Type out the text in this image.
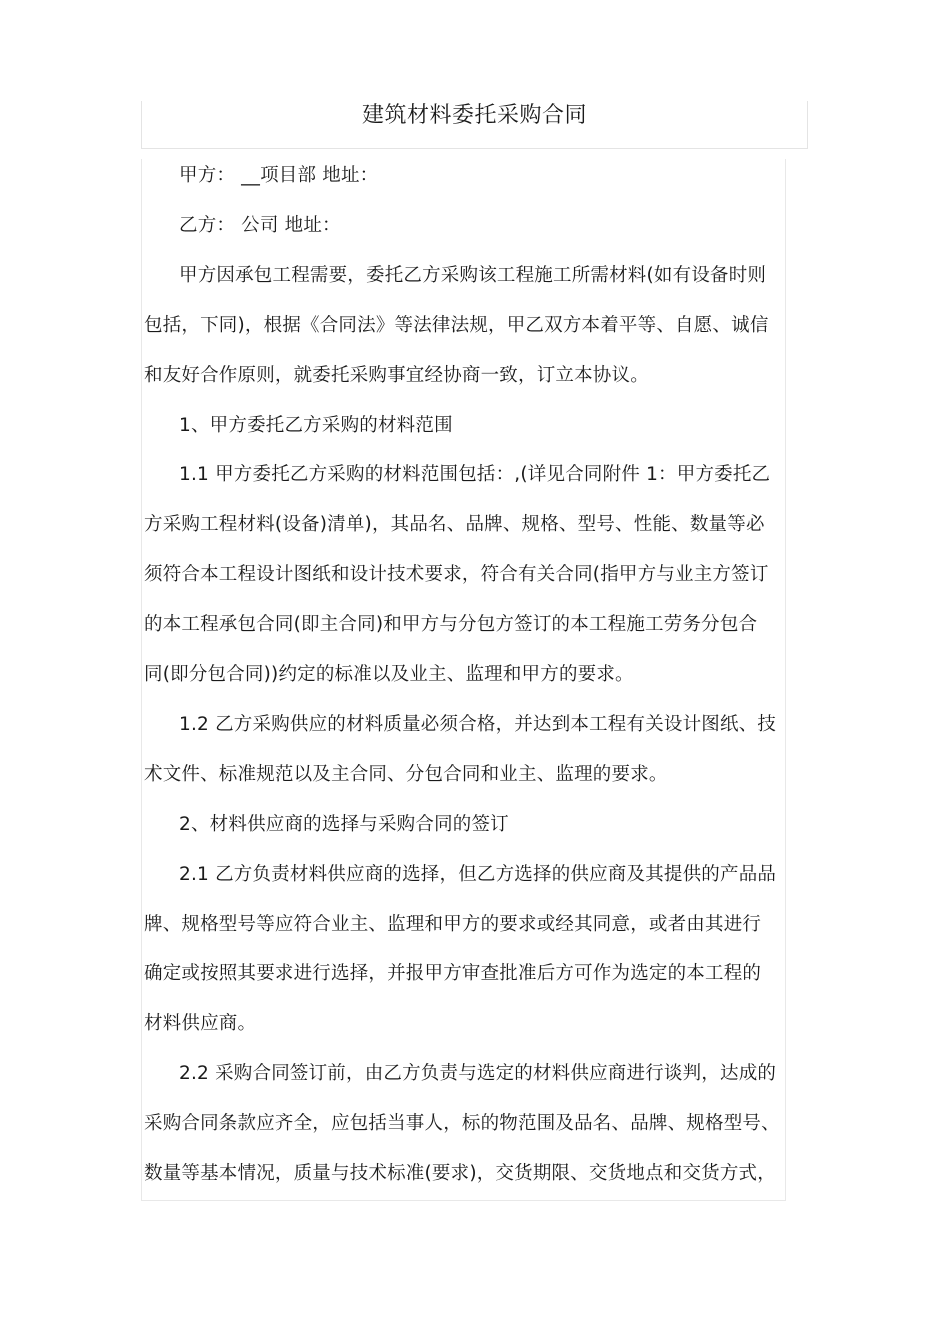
建筑材料委托采购合同
甲方： __项目部 地址：
乙方： 公司 地址：
甲方因承包工程需要，委托乙方采购该工程施工所需材料(如有设备时则
包括，下同)，根据《合同法》等法律法规，甲乙双方本着平等、自愿、诚信
和友好合作原则，就委托采购事宜经协商一致，订立本协议。
1、甲方委托乙方采购的材料范围
1.1 甲方委托乙方采购的材料范围包括：,(详见合同附件 1：甲方委托乙
方采购工程材料(设备)清单)，其品名、品牌、规格、型号、性能、数量等必
须符合本工程设计图纸和设计技术要求，符合有关合同(指甲方与业主方签订
的本工程承包合同(即主合同)和甲方与分包方签订的本工程施工劳务分包合
同(即分包合同))约定的标准以及业主、监理和甲方的要求。
1.2 乙方采购供应的材料质量必须合格，并达到本工程有关设计图纸、技
术文件、标准规范以及主合同、分包合同和业主、监理的要求。
2、材料供应商的选择与采购合同的签订
2.1 乙方负责材料供应商的选择，但乙方选择的供应商及其提供的产品品
牌、规格型号等应符合业主、监理和甲方的要求或经其同意，或者由其进行
确定或按照其要求进行选择，并报甲方审查批准后方可作为选定的本工程的
材料供应商。
2.2 采购合同签订前，由乙方负责与选定的材料供应商进行谈判，达成的
采购合同条款应齐全，应包括当事人，标的物范围及品名、品牌、规格型号、
数量等基本情况，质量与技术标准(要求)，交货期限、交货地点和交货方式，
